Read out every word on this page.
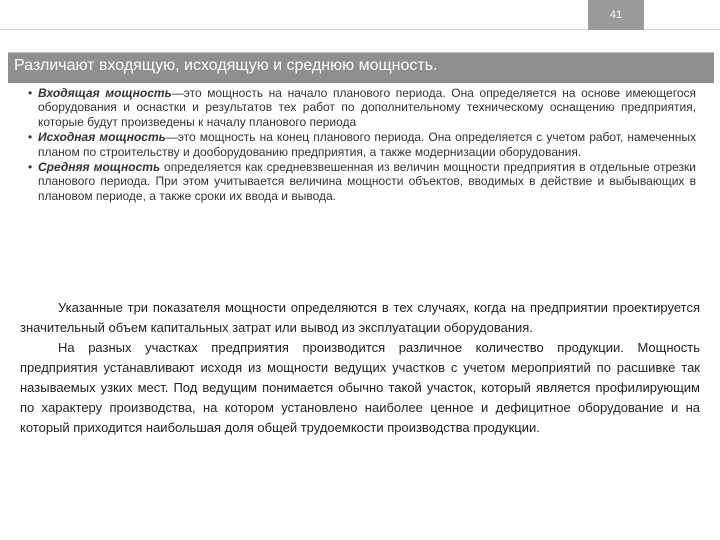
41
Различают входящую, исходящую и среднюю мощность.
• Входящая мощность—это мощность на начало планового периода. Она определяется на основе имеющегося оборудования и оснастки и результатов тех работ по дополнительному техническому оснащению предприятия, которые будут произведены к началу планового периода
• Исходная мощность—это мощность на конец планового периода. Она определяется с учетом работ, намеченных планом по строительству и дооборудованию предприятия, а также модернизации оборудования.
• Средняя мощность определяется как средневзвешенная из величин мощности предприятия в отдельные отрезки планового периода. При этом учитывается величина мощности объектов, вводимых в действие и выбывающих в плановом периоде, а также сроки их ввода и вывода.

Указанные три показателя мощности определяются в тех случаях, когда на предприятии проектируется значительный объем капитальных затрат или вывод из эксплуатации оборудования.

На разных участках предприятия производится различное количество продукции. Мощность предприятия устанавливают исходя из мощности ведущих участков с учетом мероприятий по расшивке так называемых узких мест. Под ведущим понимается обычно такой участок, который является профилирующим по характеру производства, на котором установлено наиболее ценное и дефицитное оборудование и на который приходится наибольшая доля общей трудоемкости производства продукции.
